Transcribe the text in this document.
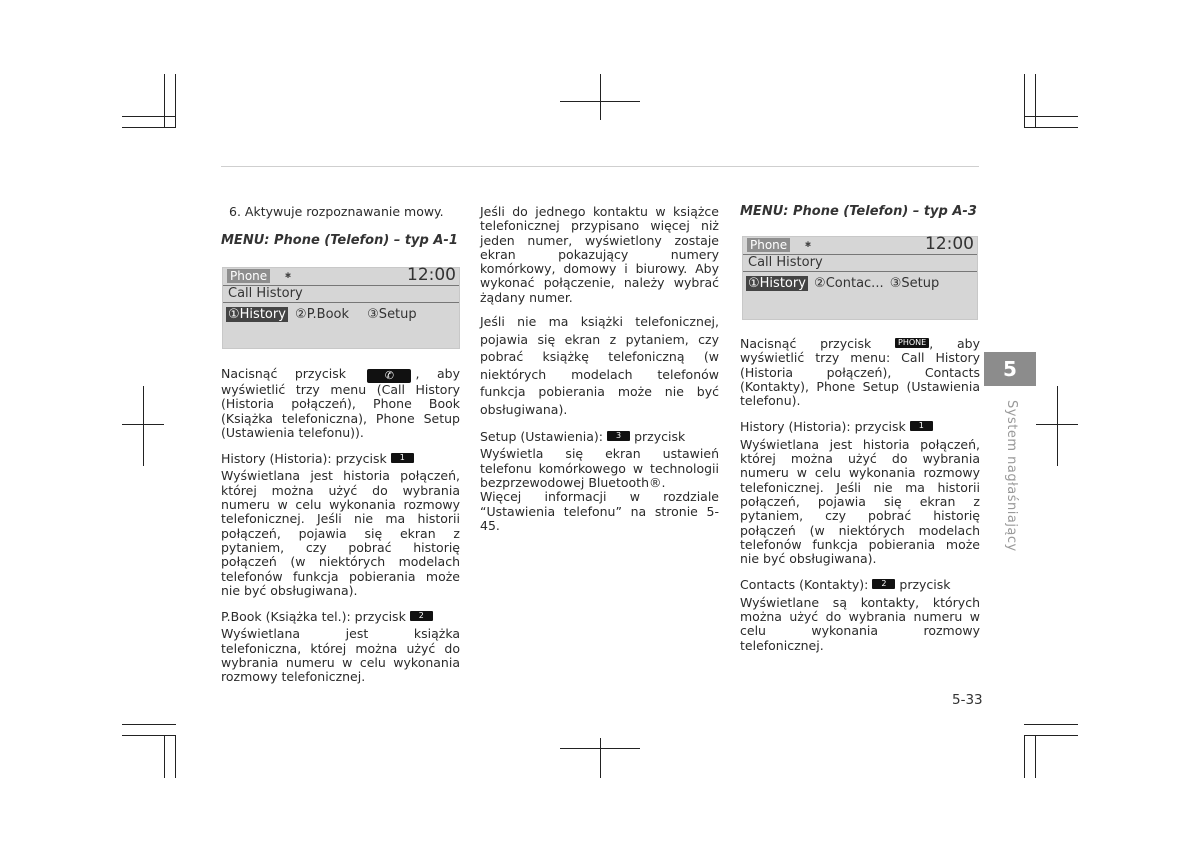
6. Aktywuje rozpoznawanie mowy.

MENU: Phone (Telefon) – typ A-1
Phone	✱	12:00
Call History
①History ②P.Book ③Setup

Nacisnąć przycisk	✆ , aby wyświetlić trzy menu (Call History (Historia połączeń), Phone Book (Książka telefoniczna), Phone Setup (Ustawienia telefonu)).

History (Historia): przycisk 1

Wyświetlana jest historia połączeń, której można użyć do wybrania numeru w celu wykonania rozmowy telefonicznej. Jeśli nie ma historii połączeń, pojawia się ekran z pytaniem, czy pobrać historię połączeń (w niektórych modelach telefonów funkcja pobierania może nie być obsługiwana).

P.Book (Książka tel.): przycisk 2

Wyświetlana jest książka telefoniczna, której można użyć do wybrania numeru w celu wykonania rozmowy telefonicznej.

Jeśli do jednego kontaktu w książce telefonicznej przypisano więcej niż jeden numer, wyświetlony zostaje ekran pokazujący numery komórkowy, domowy i biurowy. Aby wykonać połączenie, należy wybrać żądany numer.

Jeśli nie ma książki telefonicznej, pojawia się ekran z pytaniem, czy pobrać książkę telefoniczną (w niektórych modelach telefonów funkcja pobierania może nie być obsługiwana).

Setup (Ustawienia): 3 przycisk

Wyświetla się ekran ustawień telefonu komórkowego w technologii bezprzewodowej Bluetooth®.

Więcej informacji w rozdziale “Ustawienia telefonu” na stronie 5-45.

MENU: Phone (Telefon) – typ A-3
Phone	✱	12:00
Call History
①History ②Contac... ③Setup

Nacisnąć przycisk	PHONE , aby wyświetlić trzy menu: Call History (Historia połączeń), Contacts (Kontakty), Phone Setup (Ustawienia telefonu).

History (Historia): przycisk 1

Wyświetlana jest historia połączeń, której można użyć do wybrania numeru w celu wykonania rozmowy telefonicznej. Jeśli nie ma historii połączeń, pojawia się ekran z pytaniem, czy pobrać historię połączeń (w niektórych modelach telefonów funkcja pobierania może nie być obsługiwana).

Contacts (Kontakty): 2 przycisk

Wyświetlane są kontakty, których można użyć do wybrania numeru w celu wykonania rozmowy telefonicznej.

5
System nagłaśniający
5-33
